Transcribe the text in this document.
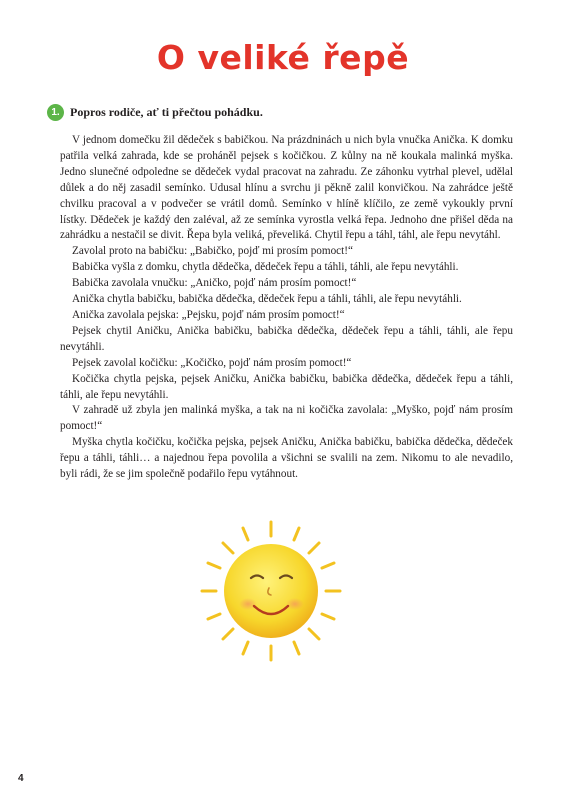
O veliké řepě
1. Popros rodiče, ať ti přečtou pohádku.

V jednom domečku žil dědeček s babičkou. Na prázdninách u nich byla vnučka Anička. K domku patřila velká zahrada, kde se proháněl pejsek s kočičkou. Z kůlny na ně koukala malinká myška. Jedno slunečné odpoledne se dědeček vydal pracovat na zahradu. Ze záhonku vytrhal plevel, udělal důlek a do něj zasadil semínko. Udusal hlínu a svrchu ji pěkně zalil konvičkou. Na zahrádce ještě chvilku pracoval a v podvečer se vrátil domů. Semínko v hlíně klíčilo, ze země vykoukly první lístky. Dědeček je každý den zaléval, až ze semínka vyrostla velká řepa. Jednoho dne přišel děda na zahrádku a nestačil se divit. Řepa byla veliká, převeliká. Chytil řepu a táhl, táhl, ale řepu nevytáhl.

Zavolal proto na babičku: „Babičko, pojď mi prosím pomoct!“

Babička vyšla z domku, chytla dědečka, dědeček řepu a táhli, táhli, ale řepu nevytáhli.

Babička zavolala vnučku: „Aničko, pojď nám prosím pomoct!“

Anička chytla babičku, babička dědečka, dědeček řepu a táhli, táhli, ale řepu nevytáhli.

Anička zavolala pejska: „Pejsku, pojď nám prosím pomoct!“

Pejsek chytil Aničku, Anička babičku, babička dědečka, dědeček řepu a táhli, táhli, ale řepu nevytáhli.

Pejsek zavolal kočičku: „Kočičko, pojď nám prosím pomoct!“

Kočička chytla pejska, pejsek Aničku, Anička babičku, babička dědečka, dědeček řepu a táhli, táhli, ale řepu nevytáhli.

V zahradě už zbyla jen malinká myška, a tak na ni kočička zavolala: „Myško, pojď nám prosím pomoct!“

Myška chytla kočičku, kočička pejska, pejsek Aničku, Anička babičku, babička dědečka, dědeček řepu a táhli, táhli… a najednou řepa povolila a všichni se svalili na zem. Nikomu to ale nevadilo, byli rádi, že se jim společně podařilo řepu vytáhnout.

4
